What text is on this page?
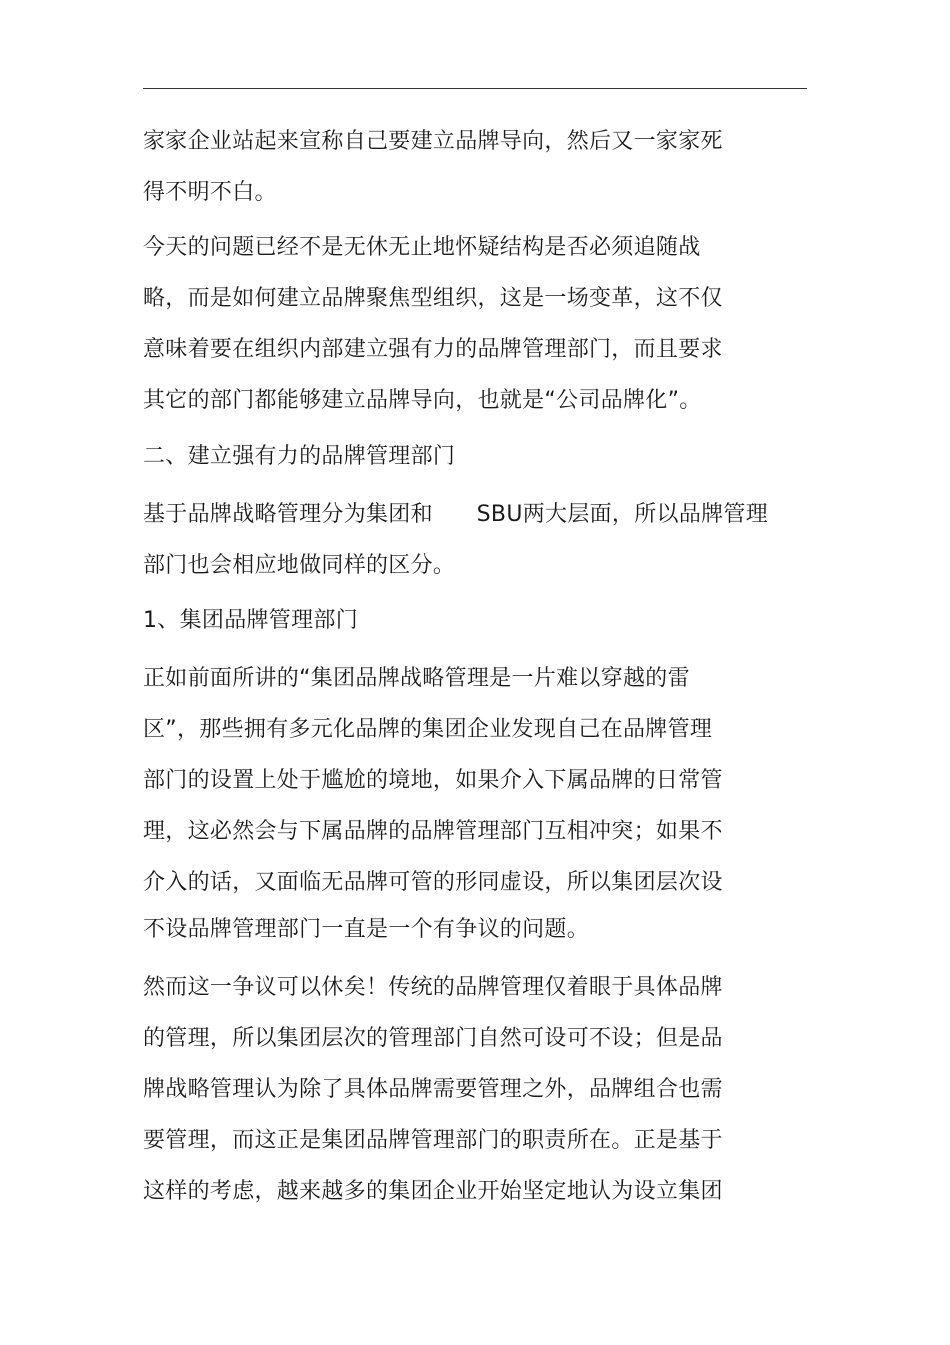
家家企业站起来宣称自己要建立品牌导向，然后又一家家死
得不明不白。
今天的问题已经不是无休无止地怀疑结构是否必须追随战
略，而是如何建立品牌聚焦型组织，这是一场变革，这不仅
意味着要在组织内部建立强有力的品牌管理部门，而且要求
其它的部门都能够建立品牌导向，也就是“公司品牌化”。
二、建立强有力的品牌管理部门
基于品牌战略管理分为集团和      SBU两大层面，所以品牌管理
部门也会相应地做同样的区分。
1、集团品牌管理部门
正如前面所讲的“集团品牌战略管理是一片难以穿越的雷
区”，那些拥有多元化品牌的集团企业发现自己在品牌管理
部门的设置上处于尴尬的境地，如果介入下属品牌的日常管
理，这必然会与下属品牌的品牌管理部门互相冲突；如果不
介入的话，又面临无品牌可管的形同虚设，所以集团层次设
不设品牌管理部门一直是一个有争议的问题。
然而这一争议可以休矣！传统的品牌管理仅着眼于具体品牌
的管理，所以集团层次的管理部门自然可设可不设；但是品
牌战略管理认为除了具体品牌需要管理之外，品牌组合也需
要管理，而这正是集团品牌管理部门的职责所在。正是基于
这样的考虑，越来越多的集团企业开始坚定地认为设立集团
